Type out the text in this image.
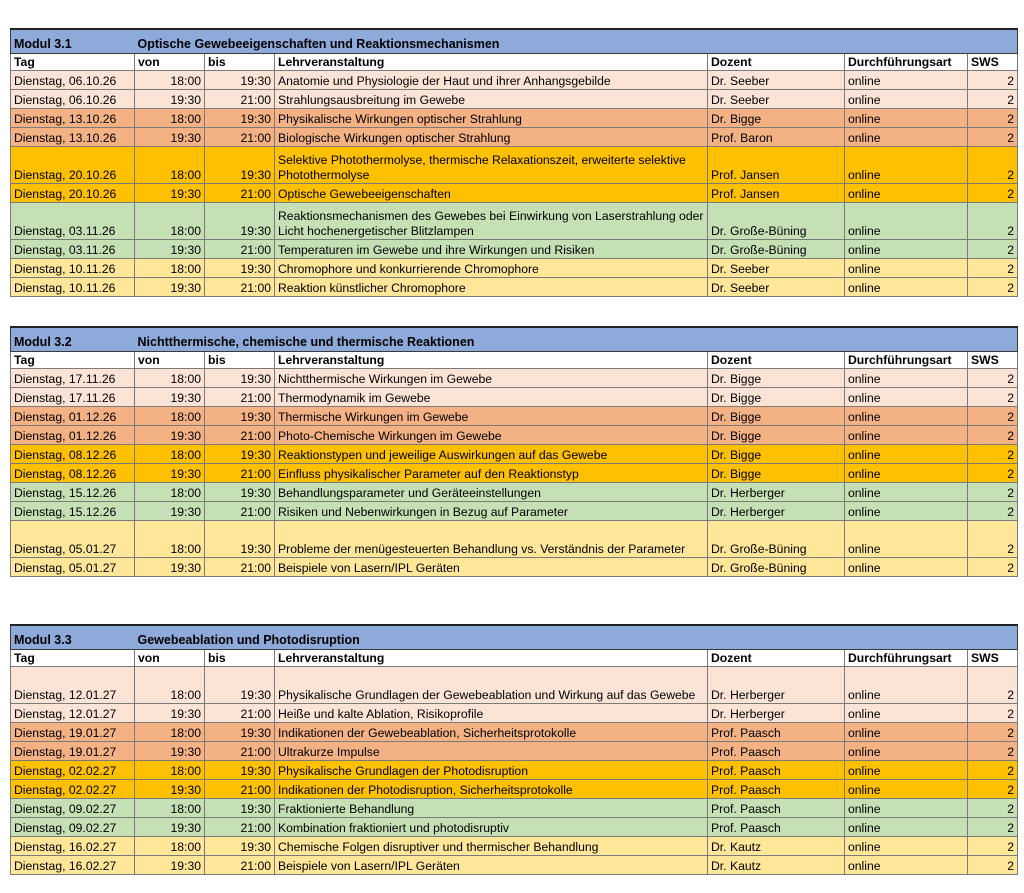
Modul 3.1	Optische Gewebeeigenschaften und Reaktionsmechanismen					
Tag	von	bis	Lehrveranstaltung	Dozent	Durchführungsart	SWS
Dienstag, 06.10.26	18:00	19:30	Anatomie und Physiologie der Haut und ihrer Anhangsgebilde	Dr. Seeber	online	2
Dienstag, 06.10.26	19:30	21:00	Strahlungsausbreitung im Gewebe	Dr. Seeber	online	2
Dienstag, 13.10.26	18:00	19:30	Physikalische Wirkungen optischer Strahlung	Dr. Bigge	online	2
Dienstag, 13.10.26	19:30	21:00	Biologische Wirkungen optischer Strahlung	Prof. Baron	online	2
Dienstag, 20.10.26	18:00	19:30	Selektive Photothermolyse, thermische Relaxationszeit, erweiterte selektive Photothermolyse	Prof. Jansen	online	2
Dienstag, 20.10.26	19:30	21:00	Optische Gewebeeigenschaften	Prof. Jansen	online	2
Dienstag, 03.11.26	18:00	19:30	Reaktionsmechanismen des Gewebes bei Einwirkung von Laserstrahlung oder Licht hochenergetischer Blitzlampen	Dr. Große-Büning	online	2
Dienstag, 03.11.26	19:30	21:00	Temperaturen im Gewebe und ihre Wirkungen und Risiken	Dr. Große-Büning	online	2
Dienstag, 10.11.26	18:00	19:30	Chromophore und konkurrierende Chromophore	Dr. Seeber	online	2
Dienstag, 10.11.26	19:30	21:00	Reaktion künstlicher Chromophore	Dr. Seeber	online	2
Modul 3.2	Nichtthermische, chemische und thermische Reaktionen					
Tag	von	bis	Lehrveranstaltung	Dozent	Durchführungsart	SWS
Dienstag, 17.11.26	18:00	19:30	Nichtthermische Wirkungen im Gewebe	Dr. Bigge	online	2
Dienstag, 17.11.26	19:30	21:00	Thermodynamik im Gewebe	Dr. Bigge	online	2
Dienstag, 01.12.26	18:00	19:30	Thermische Wirkungen im Gewebe	Dr. Bigge	online	2
Dienstag, 01.12.26	19:30	21:00	Photo-Chemische Wirkungen im Gewebe	Dr. Bigge	online	2
Dienstag, 08.12.26	18:00	19:30	Reaktionstypen und jeweilige Auswirkungen auf das Gewebe	Dr. Bigge	online	2
Dienstag, 08.12.26	19:30	21:00	Einfluss physikalischer Parameter auf den Reaktionstyp	Dr. Bigge	online	2
Dienstag, 15.12.26	18:00	19:30	Behandlungsparameter und Geräteeinstellungen	Dr. Herberger	online	2
Dienstag, 15.12.26	19:30	21:00	Risiken und Nebenwirkungen in Bezug auf Parameter	Dr. Herberger	online	2
Dienstag, 05.01.27	18:00	19:30	Probleme der menügesteuerten Behandlung vs. Verständnis der Parameter	Dr. Große-Büning	online	2
Dienstag, 05.01.27	19:30	21:00	Beispiele von Lasern/IPL Geräten	Dr. Große-Büning	online	2
Modul 3.3	Gewebeablation und Photodisruption					
Tag	von	bis	Lehrveranstaltung	Dozent	Durchführungsart	SWS
Dienstag, 12.01.27	18:00	19:30	Physikalische Grundlagen der Gewebeablation und Wirkung auf das Gewebe	Dr. Herberger	online	2
Dienstag, 12.01.27	19:30	21:00	Heiße und kalte Ablation, Risikoprofile	Dr. Herberger	online	2
Dienstag, 19.01.27	18:00	19:30	Indikationen der Gewebeablation, Sicherheitsprotokolle	Prof. Paasch	online	2
Dienstag, 19.01.27	19:30	21:00	Ultrakurze Impulse	Prof. Paasch	online	2
Dienstag, 02.02.27	18:00	19:30	Physikalische Grundlagen der Photodisruption	Prof. Paasch	online	2
Dienstag, 02.02.27	19:30	21:00	Indikationen der Photodisruption, Sicherheitsprotokolle	Prof. Paasch	online	2
Dienstag, 09.02.27	18:00	19:30	Fraktionierte Behandlung	Prof. Paasch	online	2
Dienstag, 09.02.27	19:30	21:00	Kombination fraktioniert und photodisruptiv	Prof. Paasch	online	2
Dienstag, 16.02.27	18:00	19:30	Chemische Folgen disruptiver und thermischer Behandlung	Dr. Kautz	online	2
Dienstag, 16.02.27	19:30	21:00	Beispiele von Lasern/IPL Geräten	Dr. Kautz	online	2
